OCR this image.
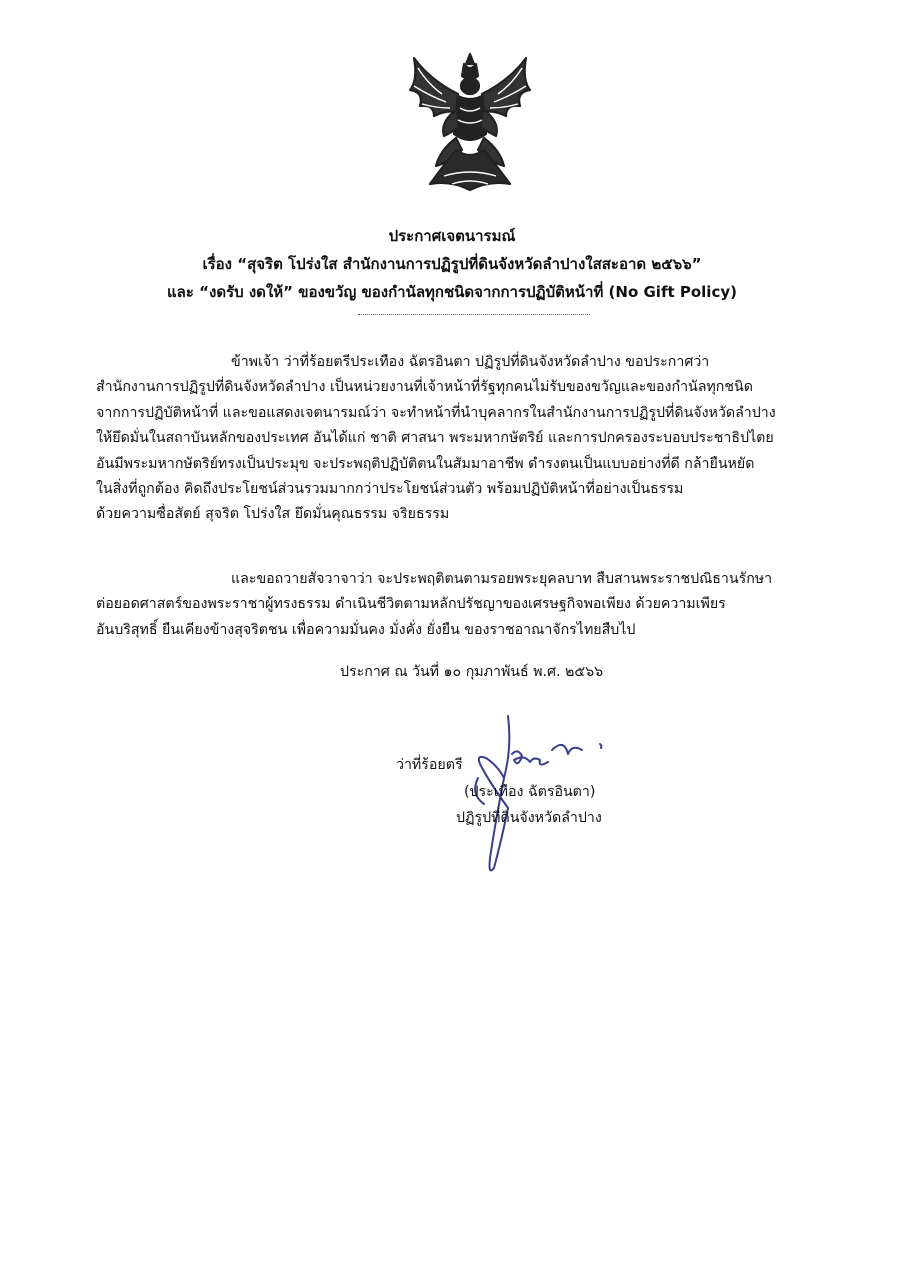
ประกาศเจตนารมณ์
เรื่อง “สุจริต โปร่งใส สำนักงานการปฏิรูปที่ดินจังหวัดลำปางใสสะอาด ๒๕๖๖”
และ “งดรับ งดให้” ของขวัญ ของกำนัลทุกชนิดจากการปฏิบัติหน้าที่ (No Gift Policy)
ข้าพเจ้า ว่าที่ร้อยตรีประเทือง ฉัตรอินตา ปฏิรูปที่ดินจังหวัดลำปาง ขอประกาศว่า
สำนักงานการปฏิรูปที่ดินจังหวัดลำปาง เป็นหน่วยงานที่เจ้าหน้าที่รัฐทุกคนไม่รับของขวัญและของกำนัลทุกชนิด
จากการปฏิบัติหน้าที่ และขอแสดงเจตนารมณ์ว่า จะทำหน้าที่นำบุคลากรในสำนักงานการปฏิรูปที่ดินจังหวัดลำปาง
ให้ยึดมั่นในสถาบันหลักของประเทศ อันได้แก่ ชาติ ศาสนา พระมหากษัตริย์ และการปกครองระบอบประชาธิปไตย
อันมีพระมหากษัตริย์ทรงเป็นประมุข จะประพฤติปฏิบัติตนในสัมมาอาชีพ ดำรงตนเป็นแบบอย่างที่ดี กล้ายืนหยัด
ในสิ่งที่ถูกต้อง คิดถึงประโยชน์ส่วนรวมมากกว่าประโยชน์ส่วนตัว พร้อมปฏิบัติหน้าที่อย่างเป็นธรรม
ด้วยความซื่อสัตย์ สุจริต โปร่งใส ยึดมั่นคุณธรรม จริยธรรม
และขอถวายสัจวาจาว่า จะประพฤติตนตามรอยพระยุคลบาท สืบสานพระราชปณิธานรักษา
ต่อยอดศาสตร์ของพระราชาผู้ทรงธรรม ดำเนินชีวิตตามหลักปรัชญาของเศรษฐกิจพอเพียง ด้วยความเพียร
อันบริสุทธิ์ ยืนเคียงข้างสุจริตชน เพื่อความมั่นคง มั่งคั่ง ยั่งยืน ของราชอาณาจักรไทยสืบไป
ประกาศ ณ วันที่ ๑๐ กุมภาพันธ์ พ.ศ. ๒๕๖๖
ว่าที่ร้อยตรี
(ประเทือง ฉัตรอินตา)
ปฏิรูปที่ดินจังหวัดลำปาง
